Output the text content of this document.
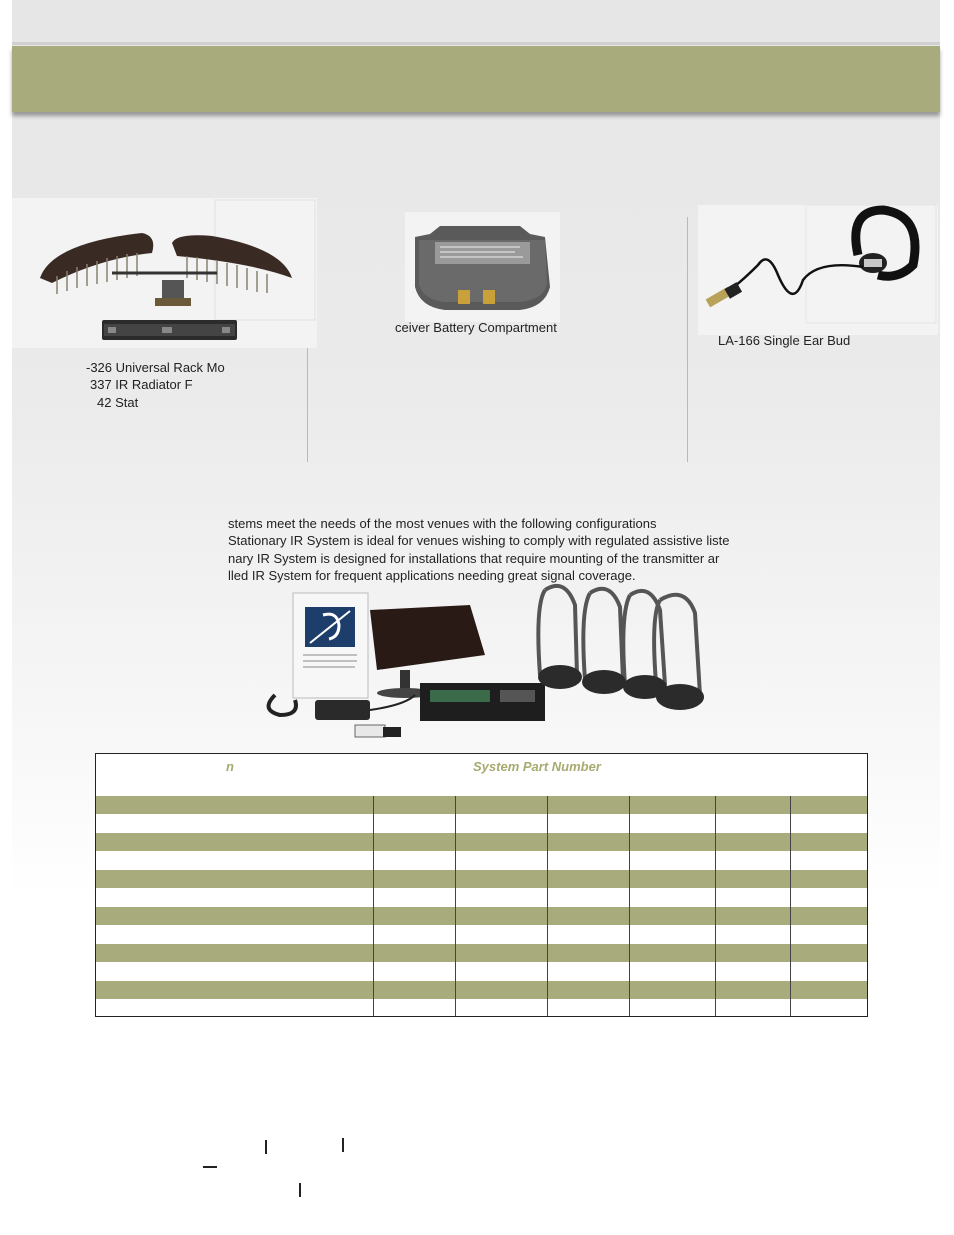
-326 Universal Rack Mo
337 IR Radiator F
42 Stat
stems meet the needs of the most venues with the following configurations
Stationary IR System is ideal for venues wishing to comply with regulated assistive liste
nary IR System is designed for installations that require mounting of the transmitter ar
lled IR System for frequent applications needing great signal coverage.
n	System Part Number
